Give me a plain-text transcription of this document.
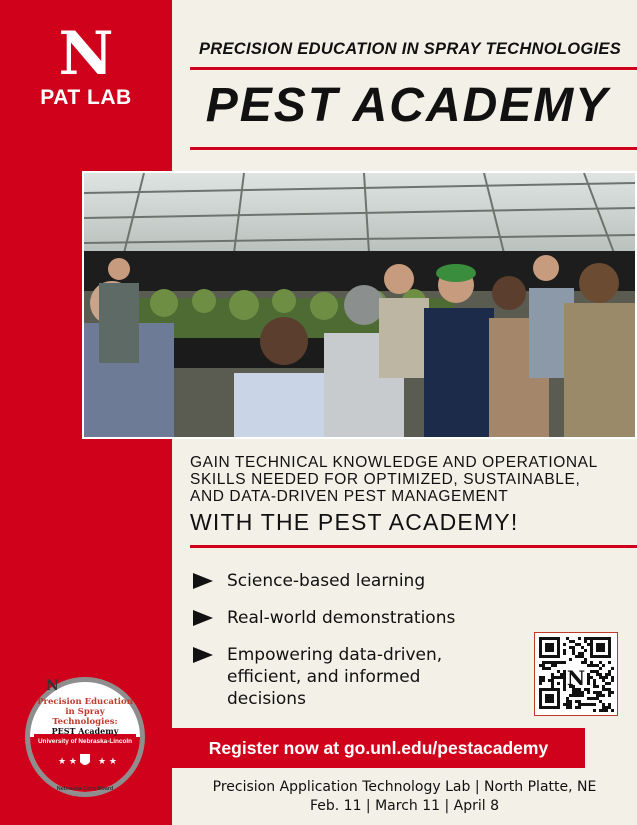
N
PAT LAB
PRECISION EDUCATION IN SPRAY TECHNOLOGIES
PEST ACADEMY
GAIN TECHNICAL KNOWLEDGE AND OPERATIONAL
SKILLS NEEDED FOR OPTIMIZED, SUSTAINABLE,
AND DATA-DRIVEN PEST MANAGEMENT
WITH THE PEST ACADEMY!
Science-based learning
Real-world demonstrations
Empowering data-driven, efficient, and informed decisions
N
N
Precision Education
in Spray
Technologies:
PEST Academy
University of Nebraska-Lincoln
★ ★ ★ ★
Nebraska Corn Board
Register now at go.unl.edu/pestacademy
Precision Application Technology Lab | North Platte, NE
Feb. 11 | March 11 | April 8
